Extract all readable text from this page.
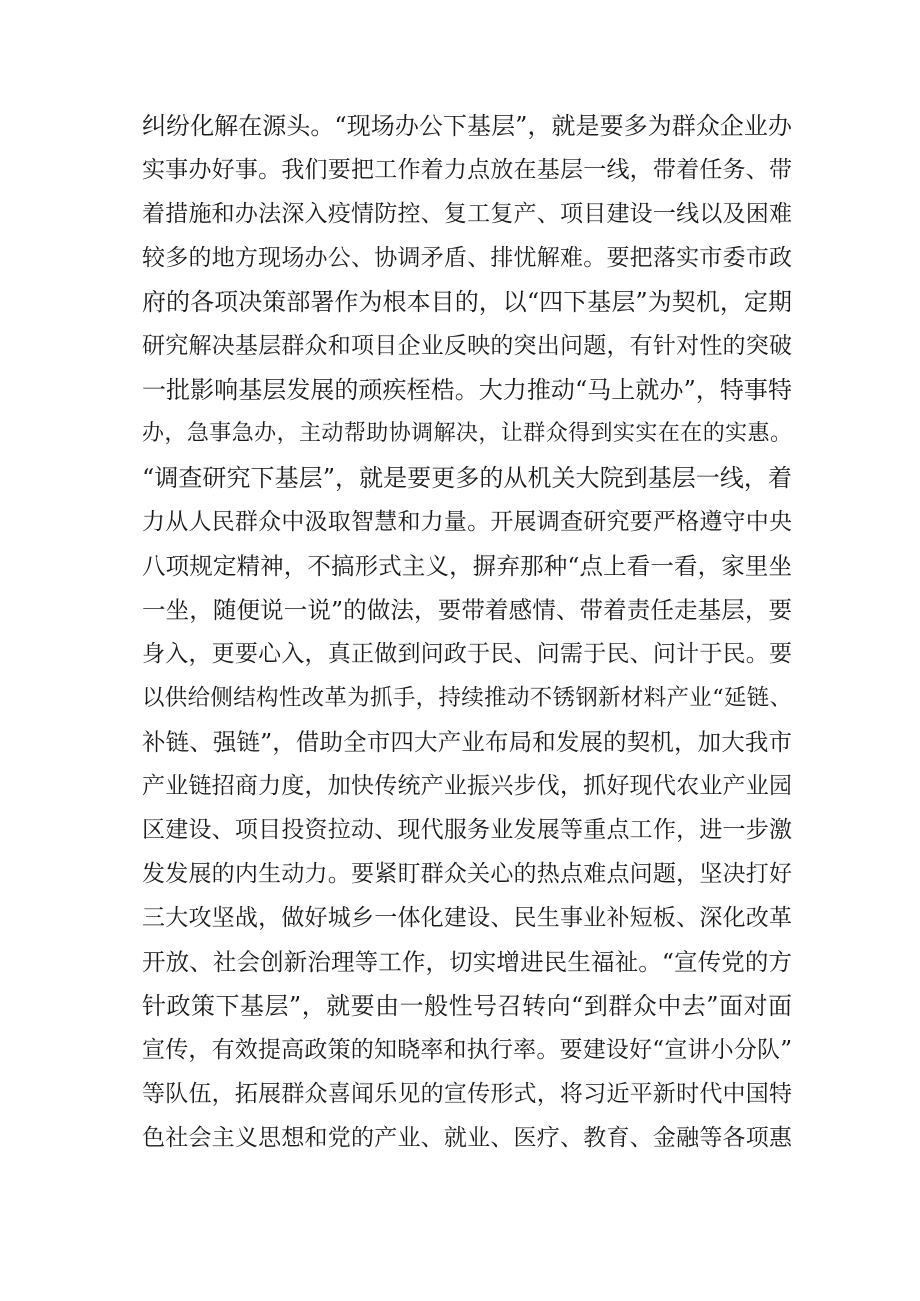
纠纷化解在源头。“现场办公下基层”，就是要多为群众企业办
实事办好事。我们要把工作着力点放在基层一线，带着任务、带
着措施和办法深入疫情防控、复工复产、项目建设一线以及困难
较多的地方现场办公、协调矛盾、排忧解难。要把落实市委市政
府的各项决策部署作为根本目的，以“四下基层”为契机，定期
研究解决基层群众和项目企业反映的突出问题，有针对性的突破
一批影响基层发展的顽疾桎梏。大力推动“马上就办”，特事特
办，急事急办，主动帮助协调解决，让群众得到实实在在的实惠。
“调查研究下基层”，就是要更多的从机关大院到基层一线，着
力从人民群众中汲取智慧和力量。开展调查研究要严格遵守中央
八项规定精神，不搞形式主义，摒弃那种“点上看一看，家里坐
一坐，随便说一说”的做法，要带着感情、带着责任走基层，要
身入，更要心入，真正做到问政于民、问需于民、问计于民。要
以供给侧结构性改革为抓手，持续推动不锈钢新材料产业“延链、
补链、强链”，借助全市四大产业布局和发展的契机，加大我市
产业链招商力度，加快传统产业振兴步伐，抓好现代农业产业园
区建设、项目投资拉动、现代服务业发展等重点工作，进一步激
发发展的内生动力。要紧盯群众关心的热点难点问题，坚决打好
三大攻坚战，做好城乡一体化建设、民生事业补短板、深化改革
开放、社会创新治理等工作，切实增进民生福祉。“宣传党的方
针政策下基层”，就要由一般性号召转向“到群众中去”面对面
宣传，有效提高政策的知晓率和执行率。要建设好“宣讲小分队”
等队伍，拓展群众喜闻乐见的宣传形式，将习近平新时代中国特
色社会主义思想和党的产业、就业、医疗、教育、金融等各项惠
